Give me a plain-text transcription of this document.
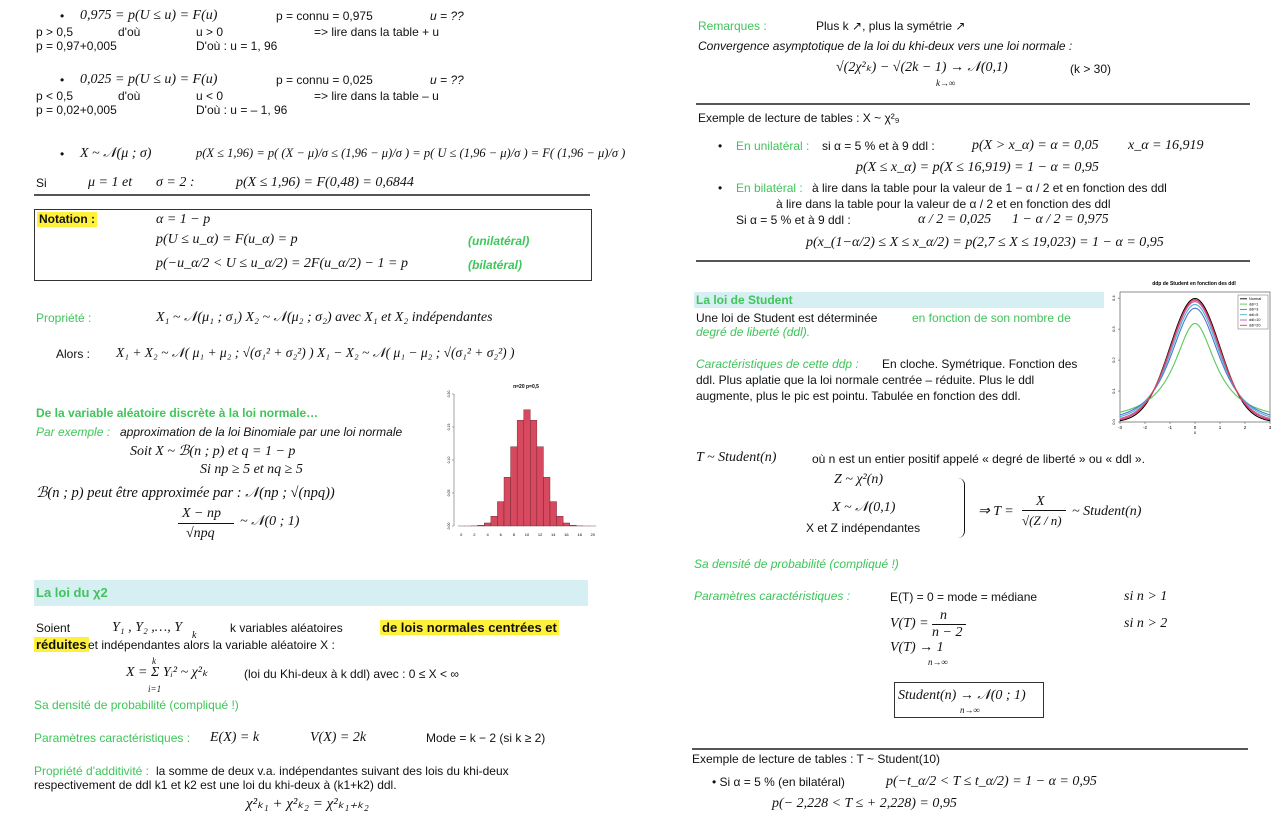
• 0,975 = p(U ≤ u) = F(u)	p = connu = 0,975	u = ??
p > 0,5	d'où	u > 0	=> lire dans la table + u
p = 0,97+0,005	D'où : u = 1, 96
• 0,025 = p(U ≤ u) = F(u)	p = connu = 0,025	u = ??
p < 0,5	d'où	u < 0	=> lire dans la table – u
p = 0,02+0,005	D'où : u = – 1, 96
• X ~ 𝒩(μ ; σ)	p(X ≤ 1,96) = p( (X − μ)/σ ≤ (1,96 − μ)/σ ) = p( U ≤ (1,96 − μ)/σ ) = F( (1,96 − μ)/σ )
Si	μ = 1 et σ = 2 :	p(X ≤ 1,96) = F(0,48) = 0,6844
Notation :	α = 1 − p
p(U ≤ u_α) = F(u_α) = p	(unilatéral)
p(−u_α/2 < U ≤ u_α/2) = 2F(u_α/2) − 1 = p	(bilatéral)
Propriété :	X₁ ~ 𝒩(μ₁ ; σ₁) X₂ ~ 𝒩(μ₂ ; σ₂) avec X₁ et X₂ indépendantes
Alors : X₁ + X₂ ~ 𝒩( μ₁ + μ₂ ; √(σ₁² + σ₂²) ) X₁ − X₂ ~ 𝒩( μ₁ − μ₂ ; √(σ₁² + σ₂²) )
De la variable aléatoire discrète à la loi normale…
Par exemple : approximation de la loi Binomiale par une loi normale
Soit X ~ ℬ(n ; p) et q = 1 − p
Si np ≥ 5 et nq ≥ 5
ℬ(n ; p) peut être approximée par : 𝒩(np ; √(npq))
X − np
√npq
~ 𝒩(0 ; 1)
n=20 p=0,5
0.00
0.05
0.10
0.15
0.20
0	2	4	6	8 10 12 14 16 18 20
La loi du χ2
Soient	Y₁ , Y₂ ,…, Y
k
k variables aléatoires	de lois normales centrées et
réduites et indépendantes alors la variable aléatoire X :
k
X = Σ Yᵢ² ~ χ²ₖ
i=1
(loi du Khi-deux à k ddl) avec : 0 ≤ X < ∞
Sa densité de probabilité (compliqué !)
Paramètres caractéristiques : E(X) = k	V(X) = 2k	Mode = k − 2 (si k ≥ 2)
Propriété d'additivité : la somme de deux v.a. indépendantes suivant des lois du khi-deux
respectivement de ddl k1 et k2 est une loi du khi-deux à (k1+k2) ddl.
χ²ₖ₁ + χ²ₖ₂ = χ²ₖ₁₊ₖ₂
Remarques :	Plus k ↗, plus la symétrie ↗
Convergence asymptotique de la loi du khi-deux vers une loi normale :
√(2χ²ₖ) − √(2k − 1) → 𝒩(0,1)
k→∞
(k > 30)
Exemple de lecture de tables : X ~ χ²₉
• En unilatéral : si α = 5 % et à 9 ddl :	p(X > x_α) = α = 0,05 x_α = 16,919
p(X ≤ x_α) = p(X ≤ 16,919) = 1 − α = 0,95
• En bilatéral : à lire dans la table pour la valeur de 1 − α / 2 et en fonction des ddl
à lire dans la table pour la valeur de α / 2 et en fonction des ddl
Si α = 5 % et à 9 ddl :	α / 2 = 0,025 1 − α / 2 = 0,975
p(x_(1−α/2) ≤ X ≤ x_α/2) = p(2,7 ≤ X ≤ 19,023) = 1 − α = 0,95
La loi de Student
Une loi de Student est déterminée	en fonction de son nombre de
degré de liberté (ddl).
Caractéristiques de cette ddp : En cloche. Symétrique. Fonction des
ddl. Plus aplatie que la loi normale centrée – réduite. Plus le ddl
augmente, plus le pic est pointu. Tabulée en fonction des ddl.
ddp de Student en fonction des ddl
0.0
0.1
0.2
0.3
0.4
-3	-2	-1	0	1	2	3
Normal
ddl=1
ddl=3
ddl=5
ddl=10
ddl=20
x
T ~ Student(n)	où n est un entier positif appelé « degré de liberté » ou « ddl ».
Z ~ χ²(n)
X ~ 𝒩(0,1)
X et Z indépendantes
⇒ T =
X
√(Z / n)
~ Student(n)
Sa densité de probabilité (compliqué !)
Paramètres caractéristiques :	E(T) = 0 = mode = médiane	si n > 1
V(T) =
n
n − 2
si n > 2
V(T) → 1
n→∞
Student(n) → 𝒩(0 ; 1)
n→∞
Exemple de lecture de tables : T ~ Student(10)
• Si α = 5 % (en bilatéral)	p(−t_α/2 < T ≤ t_α/2) = 1 − α = 0,95
p(− 2,228 < T ≤ + 2,228) = 0,95
